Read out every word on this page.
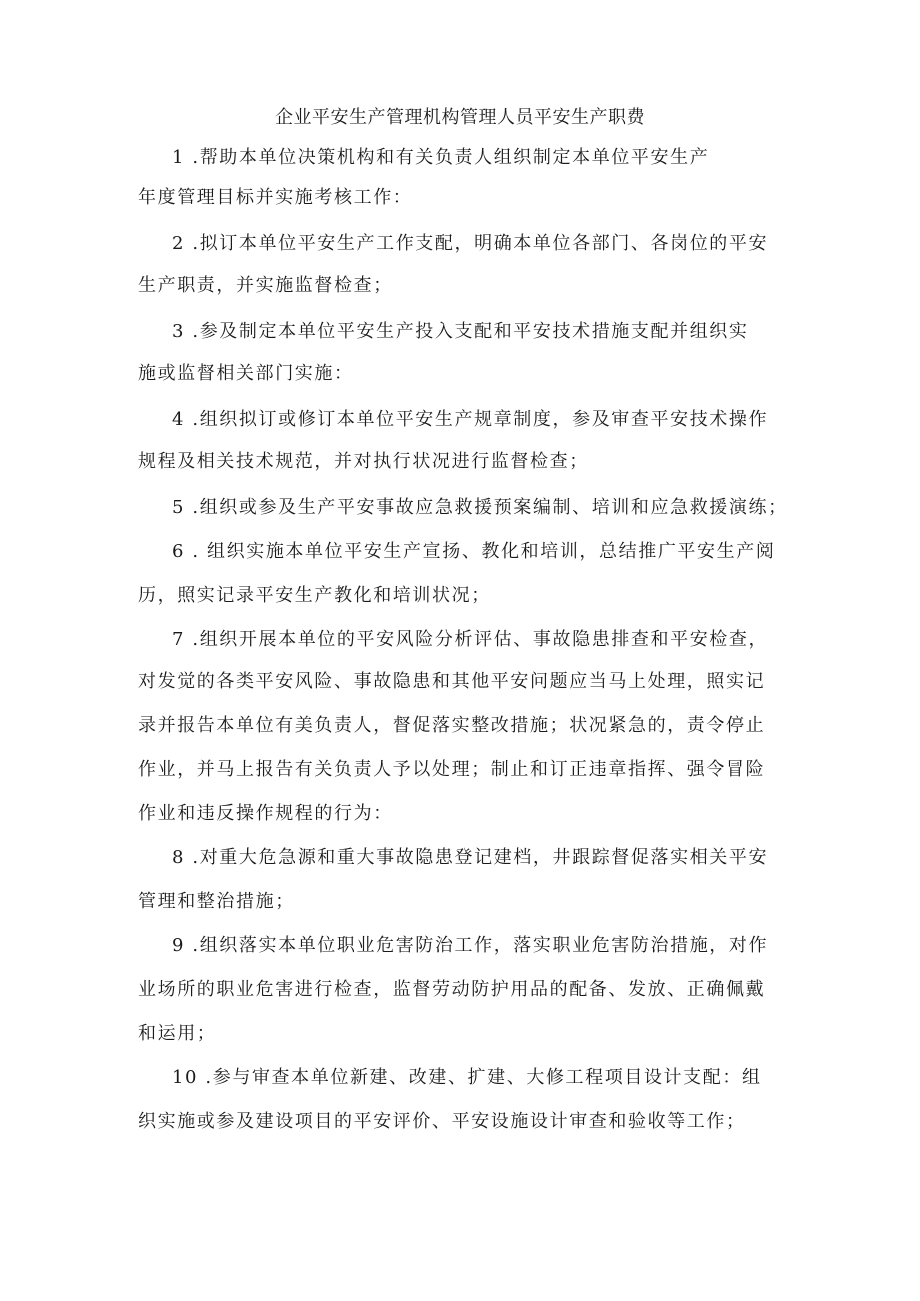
企业平安生产管理机构管理人员平安生产职费
1 .帮助本单位决策机构和有关负责人组织制定本单位平安生产
年度管理目标并实施考核工作：
2 .拟订本单位平安生产工作支配，明确本单位各部门、各岗位的平安
生产职责，并实施监督检查；
3 .参及制定本单位平安生产投入支配和平安技术措施支配并组织实
施或监督相关部门实施：
4 .组织拟订或修订本单位平安生产规章制度，参及审查平安技术操作
规程及相关技术规范，并对执行状况进行监督检查；
5 .组织或参及生产平安事故应急救援预案编制、培训和应急救援演练；
6 . 组织实施本单位平安生产宣扬、教化和培训，总结推广平安生产阅
历，照实记录平安生产教化和培训状况；
7 .组织开展本单位的平安风险分析评估、事故隐患排查和平安检查，
对发觉的各类平安风险、事故隐患和其他平安问题应当马上处理，照实记
录并报告本单位有美负责人，督促落实整改措施；状况紧急的，责令停止
作业，并马上报告有关负责人予以处理；制止和订正违章指挥、强令冒险
作业和违反操作规程的行为：
8 .对重大危急源和重大事故隐患登记建档，井跟踪督促落实相关平安
管理和整治措施；
9 .组织落实本单位职业危害防治工作，落实职业危害防治措施，对作
业场所的职业危害进行检查，监督劳动防护用品的配备、发放、正确佩戴
和运用；
10 .参与审查本单位新建、改建、扩建、大修工程项目设计支配：组
织实施或参及建设项目的平安评价、平安设施设计审查和验收等工作；
